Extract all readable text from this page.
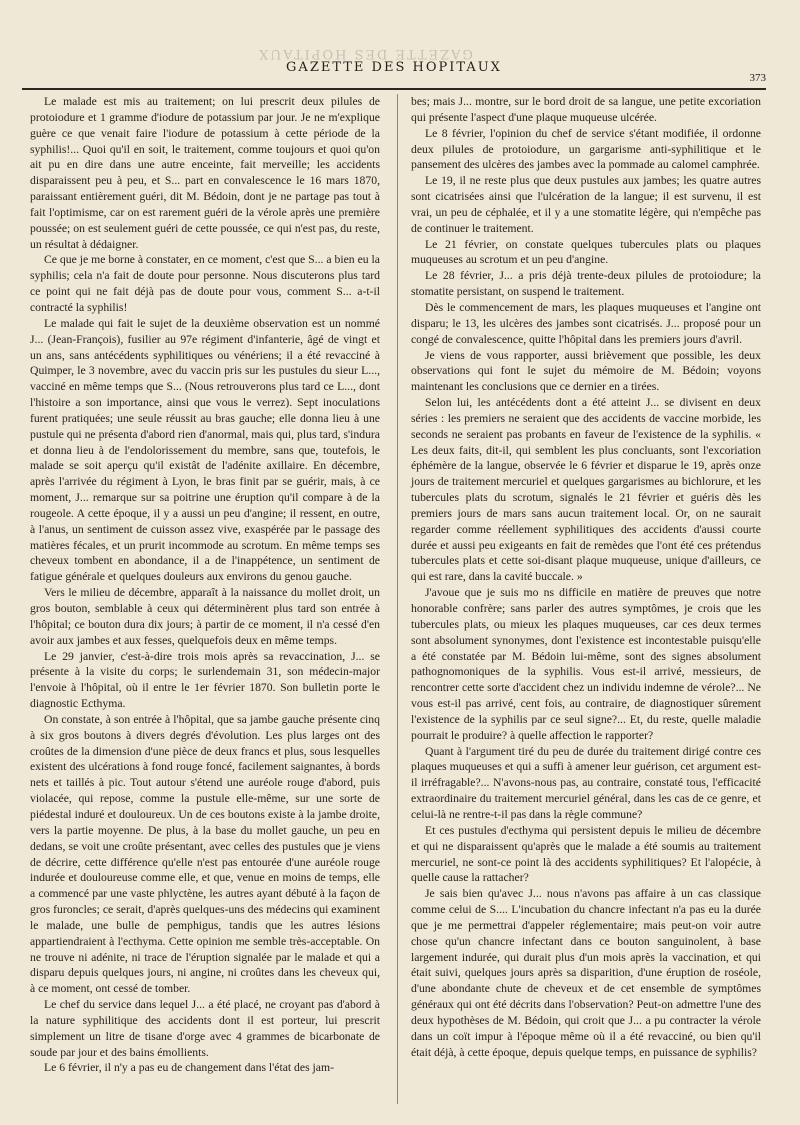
GAZETTE DES HOPITAUX
GAZETTE DES HOPITAUX
373

Le malade est mis au traitement; on lui prescrit deux pilules de protoiodure et 1 gramme d'iodure de potassium par jour. Je ne m'explique guère ce que venait faire l'iodure de potassium à cette période de la syphilis!... Quoi qu'il en soit, le traitement, comme toujours et quoi qu'on ait pu en dire dans une autre enceinte, fait merveille; les accidents disparaissent peu à peu, et S... part en convalescence le 16 mars 1870, paraissant entièrement guéri, dit M. Bédoin, dont je ne partage pas tout à fait l'optimisme, car on est rarement guéri de la vérole après une première poussée; on est seulement guéri de cette poussée, ce qui n'est pas, du reste, un résultat à dédaigner.

Ce que je me borne à constater, en ce moment, c'est que S... a bien eu la syphilis; cela n'a fait de doute pour personne. Nous discuterons plus tard ce point qui ne fait déjà pas de doute pour vous, comment S... a-t-il contracté la syphilis!

Le malade qui fait le sujet de la deuxième observation est un nommé J... (Jean-François), fusilier au 97e régiment d'infanterie, âgé de vingt et un ans, sans antécédents syphilitiques ou vénériens; il a été revacciné à Quimper, le 3 novembre, avec du vaccin pris sur les pustules du sieur L..., vacciné en même temps que S... (Nous retrouverons plus tard ce L..., dont l'histoire a son importance, ainsi que vous le verrez). Sept inoculations furent pratiquées; une seule réussit au bras gauche; elle donna lieu à une pustule qui ne présenta d'abord rien d'anormal, mais qui, plus tard, s'indura et donna lieu à de l'endolorissement du membre, sans que, toutefois, le malade se soit aperçu qu'il existât de l'adénite axillaire. En décembre, après l'arrivée du régiment à Lyon, le bras finit par se guérir, mais, à ce moment, J... remarque sur sa poitrine une éruption qu'il compare à de la rougeole. A cette époque, il y a aussi un peu d'angine; il ressent, en outre, à l'anus, un sentiment de cuisson assez vive, exaspérée par le passage des matières fécales, et un prurit incommode au scrotum. En même temps ses cheveux tombent en abondance, il a de l'inappétence, un sentiment de fatigue générale et quelques douleurs aux environs du genou gauche.

Vers le milieu de décembre, apparaît à la naissance du mollet droit, un gros bouton, semblable à ceux qui déterminèrent plus tard son entrée à l'hôpital; ce bouton dura dix jours; à partir de ce moment, il n'a cessé d'en avoir aux jambes et aux fesses, quelquefois deux en même temps.

Le 29 janvier, c'est-à-dire trois mois après sa revaccination, J... se présente à la visite du corps; le surlendemain 31, son médecin-major l'envoie à l'hôpital, où il entre le 1er février 1870. Son bulletin porte le diagnostic Ecthyma.

On constate, à son entrée à l'hôpital, que sa jambe gauche présente cinq à six gros boutons à divers degrés d'évolution. Les plus larges ont des croûtes de la dimension d'une pièce de deux francs et plus, sous lesquelles existent des ulcérations à fond rouge foncé, facilement saignantes, à bords nets et taillés à pic. Tout autour s'étend une auréole rouge d'abord, puis violacée, qui repose, comme la pustule elle-même, sur une sorte de piédestal induré et douloureux. Un de ces boutons existe à la jambe droite, vers la partie moyenne. De plus, à la base du mollet gauche, un peu en dedans, se voit une croûte présentant, avec celles des pustules que je viens de décrire, cette différence qu'elle n'est pas entourée d'une auréole rouge indurée et douloureuse comme elle, et que, venue en moins de temps, elle a commencé par une vaste phlyctène, les autres ayant débuté à la façon de gros furoncles; ce serait, d'après quelques-uns des médecins qui examinent le malade, une bulle de pemphigus, tandis que les autres lésions appartiendraient à l'ecthyma. Cette opinion me semble très-acceptable. On ne trouve ni adénite, ni trace de l'éruption signalée par le malade et qui a disparu depuis quelques jours, ni angine, ni croûtes dans les cheveux qui, à ce moment, ont cessé de tomber.

Le chef du service dans lequel J... a été placé, ne croyant pas d'abord à la nature syphilitique des accidents dont il est porteur, lui prescrit simplement un litre de tisane d'orge avec 4 grammes de bicarbonate de soude par jour et des bains émollients.

Le 6 février, il n'y a pas eu de changement dans l'état des jam-

bes; mais J... montre, sur le bord droit de sa langue, une petite excoriation qui présente l'aspect d'une plaque muqueuse ulcérée.

Le 8 février, l'opinion du chef de service s'étant modifiée, il ordonne deux pilules de protoiodure, un gargarisme anti-syphilitique et le pansement des ulcères des jambes avec la pommade au calomel camphrée.

Le 19, il ne reste plus que deux pustules aux jambes; les quatre autres sont cicatrisées ainsi que l'ulcération de la langue; il est survenu, il est vrai, un peu de céphalée, et il y a une stomatite légère, qui n'empêche pas de continuer le traitement.

Le 21 février, on constate quelques tubercules plats ou plaques muqueuses au scrotum et un peu d'angine.

Le 28 février, J... a pris déjà trente-deux pilules de protoiodure; la stomatite persistant, on suspend le traitement.

Dès le commencement de mars, les plaques muqueuses et l'angine ont disparu; le 13, les ulcères des jambes sont cicatrisés. J... proposé pour un congé de convalescence, quitte l'hôpital dans les premiers jours d'avril.

Je viens de vous rapporter, aussi brièvement que possible, les deux observations qui font le sujet du mémoire de M. Bédoin; voyons maintenant les conclusions que ce dernier en a tirées.

Selon lui, les antécédents dont a été atteint J... se divisent en deux séries : les premiers ne seraient que des accidents de vaccine morbide, les seconds ne seraient pas probants en faveur de l'existence de la syphilis. « Les deux faits, dit-il, qui semblent les plus concluants, sont l'excoriation éphémère de la langue, observée le 6 février et disparue le 19, après onze jours de traitement mercuriel et quelques gargarismes au bichlorure, et les tubercules plats du scrotum, signalés le 21 février et guéris dès les premiers jours de mars sans aucun traitement local. Or, on ne saurait regarder comme réellement syphilitiques des accidents d'aussi courte durée et aussi peu exigeants en fait de remèdes que l'ont été ces prétendus tubercules plats et cette soi-disant plaque muqueuse, unique d'ailleurs, ce qui est rare, dans la cavité buccale. »

J'avoue que je suis mo ns difficile en matière de preuves que notre honorable confrère; sans parler des autres symptômes, je crois que les tubercules plats, ou mieux les plaques muqueuses, car ces deux termes sont absolument synonymes, dont l'existence est incontestable puisqu'elle a été constatée par M. Bédoin lui-même, sont des signes absolument pathognomoniques de la syphilis. Vous est-il arrivé, messieurs, de rencontrer cette sorte d'accident chez un individu indemne de vérole?... Ne vous est-il pas arrivé, cent fois, au contraire, de diagnostiquer sûrement l'existence de la syphilis par ce seul signe?... Et, du reste, quelle maladie pourrait le produire? à quelle affection le rapporter?

Quant à l'argument tiré du peu de durée du traitement dirigé contre ces plaques muqueuses et qui a suffi à amener leur guérison, cet argument est-il irréfragable?... N'avons-nous pas, au contraire, constaté tous, l'efficacité extraordinaire du traitement mercuriel général, dans les cas de ce genre, et celui-là ne rentre-t-il pas dans la règle commune?

Et ces pustules d'ecthyma qui persistent depuis le milieu de décembre et qui ne disparaissent qu'après que le malade a été soumis au traitement mercuriel, ne sont-ce point là des accidents syphilitiques? Et l'alopécie, à quelle cause la rattacher?

Je sais bien qu'avec J... nous n'avons pas affaire à un cas classique comme celui de S.... L'incubation du chancre infectant n'a pas eu la durée que je me permettrai d'appeler réglementaire; mais peut-on voir autre chose qu'un chancre infectant dans ce bouton sanguinolent, à base largement indurée, qui durait plus d'un mois après la vaccination, et qui était suivi, quelques jours après sa disparition, d'une éruption de roséole, d'une abondante chute de cheveux et de cet ensemble de symptômes généraux qui ont été décrits dans l'observation? Peut-on admettre l'une des deux hypothèses de M. Bédoin, qui croit que J... a pu contracter la vérole dans un coït impur à l'époque même où il a été revacciné, ou bien qu'il était déjà, à cette époque, depuis quelque temps, en puissance de syphilis?
